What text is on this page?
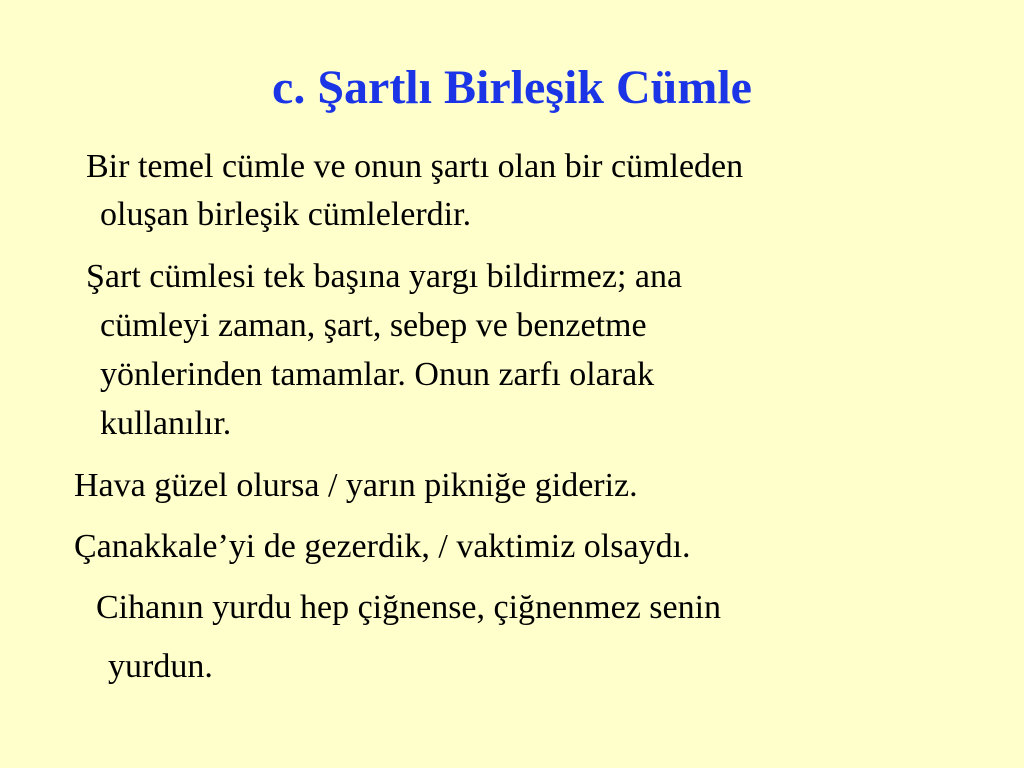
c. Şartlı Birleşik Cümle

Bir temel cümle ve onun şartı olan bir cümleden

oluşan birleşik cümlelerdir.

Şart cümlesi tek başına yargı bildirmez; ana

cümleyi zaman, şart, sebep ve benzetme

yönlerinden tamamlar. Onun zarfı olarak

kullanılır.

Hava güzel olursa / yarın pikniğe gideriz.

Çanakkale’yi de gezerdik, / vaktimiz olsaydı.

Cihanın yurdu hep çiğnense, çiğnenmez senin

yurdun.
